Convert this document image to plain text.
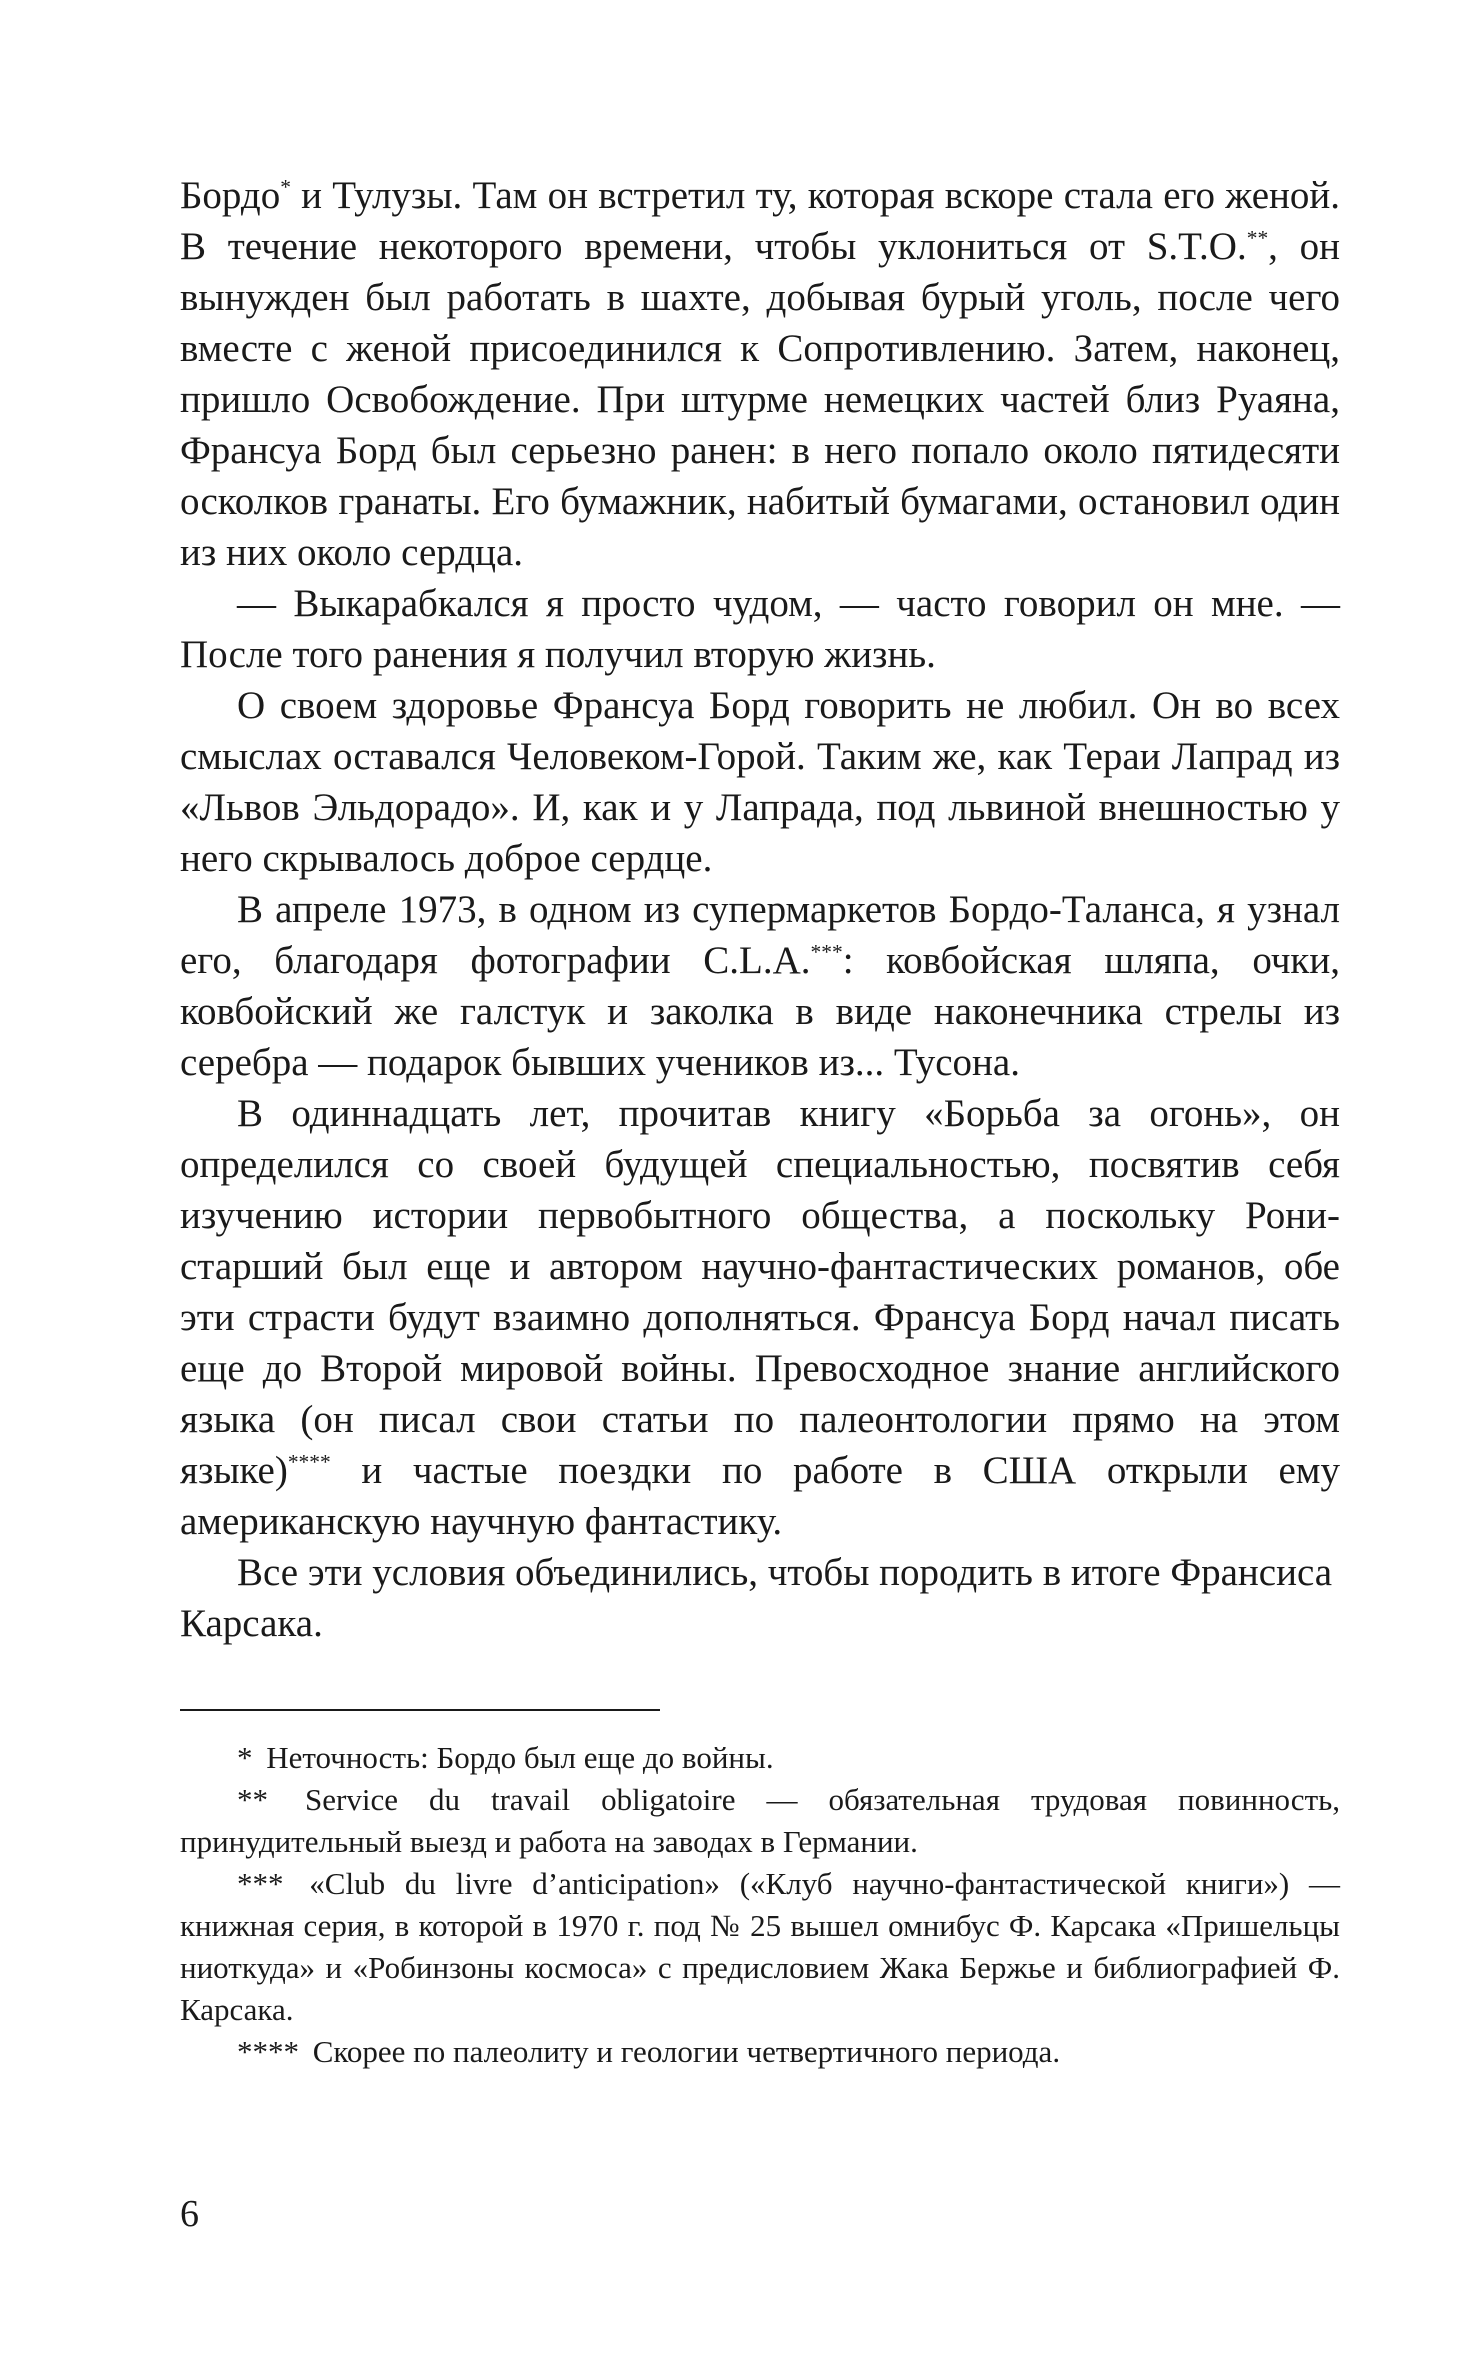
Бордо* и Тулузы. Там он встретил ту, которая вскоре стала его женой. В течение некоторого времени, чтобы уклониться от S.T.O.**, он вынужден был работать в шахте, добывая бурый уголь, после чего вместе с женой присоединился к Сопротивлению. Затем, наконец, пришло Освобождение. При штурме немецких частей близ Руаяна, Франсуа Борд был серьезно ранен: в него попало около пятидесяти осколков гранаты. Его бумажник, набитый бумагами, остановил один из них около сердца.

— Выкарабкался я просто чудом, — часто говорил он мне. — После того ранения я получил вторую жизнь.

О своем здоровье Франсуа Борд говорить не любил. Он во всех смыслах оставался Человеком-Горой. Таким же, как Тераи Лапрад из «Львов Эльдорадо». И, как и у Лапрада, под львиной внешностью у него скрывалось доброе сердце.

В апреле 1973, в одном из супермаркетов Бордо-Таланса, я узнал его, благодаря фотографии C.L.A.***: ковбойская шляпа, очки, ковбойский же галстук и заколка в виде наконечника стрелы из серебра — подарок бывших учеников из... Тусона.

В одиннадцать лет, прочитав книгу «Борьба за огонь», он определился со своей будущей специальностью, посвятив себя изучению истории первобытного общества, а поскольку Рони-старший был еще и автором научно-фантастических романов, обе эти страсти будут взаимно дополняться. Франсуа Борд начал писать еще до Второй мировой войны. Превосходное знание английского языка (он писал свои статьи по палеонтологии прямо на этом языке)**** и частые поездки по работе в США открыли ему американскую научную фантастику.

Все эти условия объединились, чтобы породить в итоге Франсиса Карсака.

* Неточность: Бордо был еще до войны.

** Service du travail obligatoire — обязательная трудовая повинность, принудительный выезд и работа на заводах в Германии.

*** «Club du livre d’anticipation» («Клуб научно-фантастической книги») — книжная серия, в которой в 1970 г. под № 25 вышел омнибус Ф. Карсака «Пришельцы ниоткуда» и «Робинзоны космоса» с предисловием Жака Бержье и библиографией Ф. Карсака.

**** Скорее по палеолиту и геологии четвертичного периода.

6
